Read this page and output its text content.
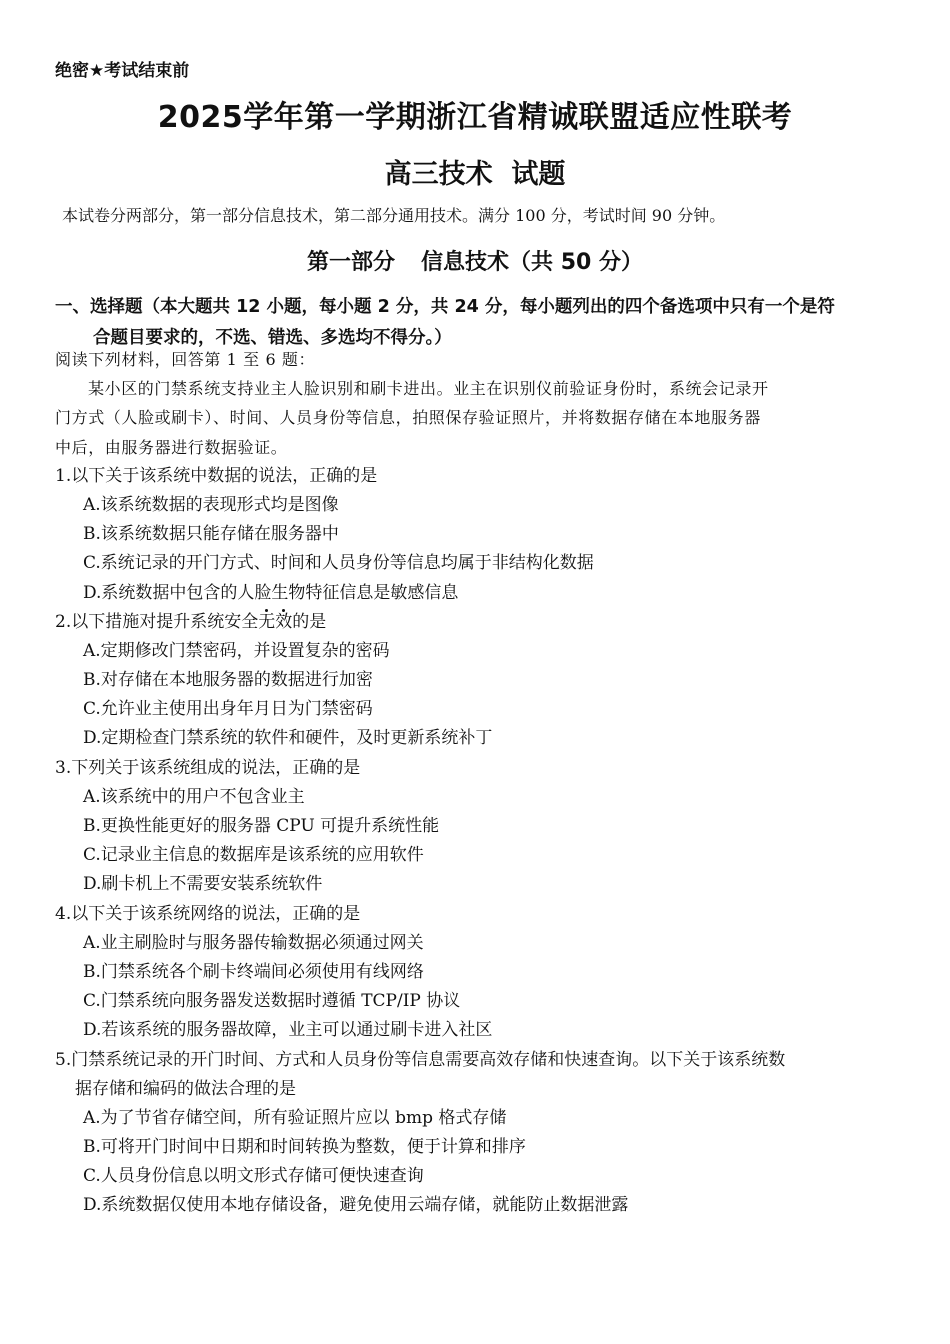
绝密★考试结束前
2025学年第一学期浙江省精诚联盟适应性联考
高三技术  试题
本试卷分两部分，第一部分信息技术，第二部分通用技术。满分 100 分，考试时间 90 分钟。
第一部分 信息技术（共 50 分）
一、选择题（本大题共 12 小题，每小题 2 分，共 24 分，每小题列出的四个备选项中只有一个是符
合题目要求的，不选、错选、多选均不得分。）
阅读下列材料，回答第 1 至 6 题：
某小区的门禁系统支持业主人脸识别和刷卡进出。业主在识别仪前验证身份时，系统会记录开
门方式（人脸或刷卡）、时间、人员身份等信息，拍照保存验证照片，并将数据存储在本地服务器
中后，由服务器进行数据验证。
1.以下关于该系统中数据的说法，正确的是
A.该系统数据的表现形式均是图像
B.该系统数据只能存储在服务器中
C.系统记录的开门方式、时间和人员身份等信息均属于非结构化数据
D.系统数据中包含的人脸生物特征信息是敏感信息
2.以下措施对提升系统安全无效的是
A.定期修改门禁密码，并设置复杂的密码
B.对存储在本地服务器的数据进行加密
C.允许业主使用出身年月日为门禁密码
D.定期检查门禁系统的软件和硬件，及时更新系统补丁
3.下列关于该系统组成的说法，正确的是
A.该系统中的用户不包含业主
B.更换性能更好的服务器 CPU 可提升系统性能
C.记录业主信息的数据库是该系统的应用软件
D.刷卡机上不需要安装系统软件
4.以下关于该系统网络的说法，正确的是
A.业主刷脸时与服务器传输数据必须通过网关
B.门禁系统各个刷卡终端间必须使用有线网络
C.门禁系统向服务器发送数据时遵循 TCP/IP 协议
D.若该系统的服务器故障，业主可以通过刷卡进入社区
5.门禁系统记录的开门时间、方式和人员身份等信息需要高效存储和快速查询。以下关于该系统数
据存储和编码的做法合理的是
A.为了节省存储空间，所有验证照片应以 bmp 格式存储
B.可将开门时间中日期和时间转换为整数，便于计算和排序
C.人员身份信息以明文形式存储可便快速查询
D.系统数据仅使用本地存储设备，避免使用云端存储，就能防止数据泄露
